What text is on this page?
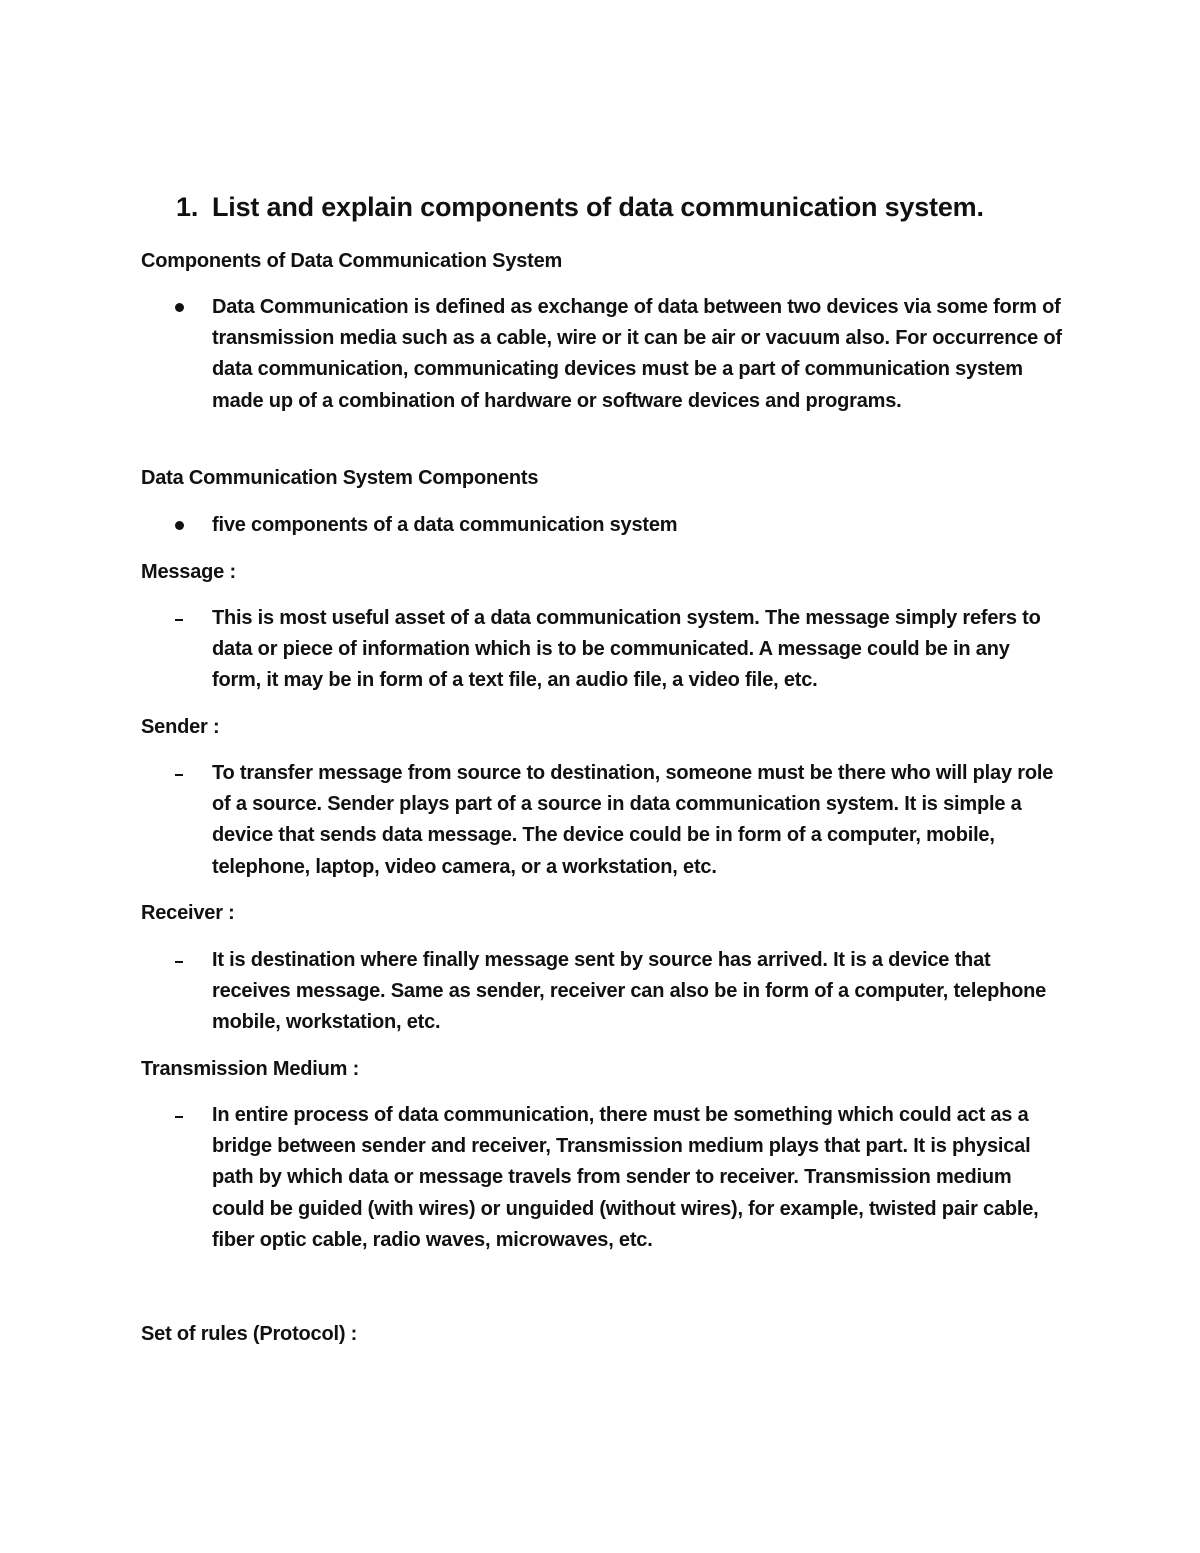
1. List and explain components of data communication system.
Components of Data Communication System
Data Communication is defined as exchange of data between two devices via some form of transmission media such as a cable, wire or it can be air or vacuum also. For occurrence of data communication, communicating devices must be a part of communication system made up of a combination of hardware or software devices and programs.
Data Communication System Components
five components of a data communication system
Message :
This is most useful asset of a data communication system. The message simply refers to data or piece of information which is to be communicated. A message could be in any form, it may be in form of a text file, an audio file, a video file, etc.
Sender :
To transfer message from source to destination, someone must be there who will play role of a source. Sender plays part of a source in data communication system. It is simple a device that sends data message. The device could be in form of a computer, mobile, telephone, laptop, video camera, or a workstation, etc.
Receiver :
It is destination where finally message sent by source has arrived. It is a device that receives message. Same as sender, receiver can also be in form of a computer, telephone mobile, workstation, etc.
Transmission Medium :
In entire process of data communication, there must be something which could act as a bridge between sender and receiver, Transmission medium plays that part. It is physical path by which data or message travels from sender to receiver. Transmission medium could be guided (with wires) or unguided (without wires), for example, twisted pair cable, fiber optic cable, radio waves, microwaves, etc.
Set of rules (Protocol) :
